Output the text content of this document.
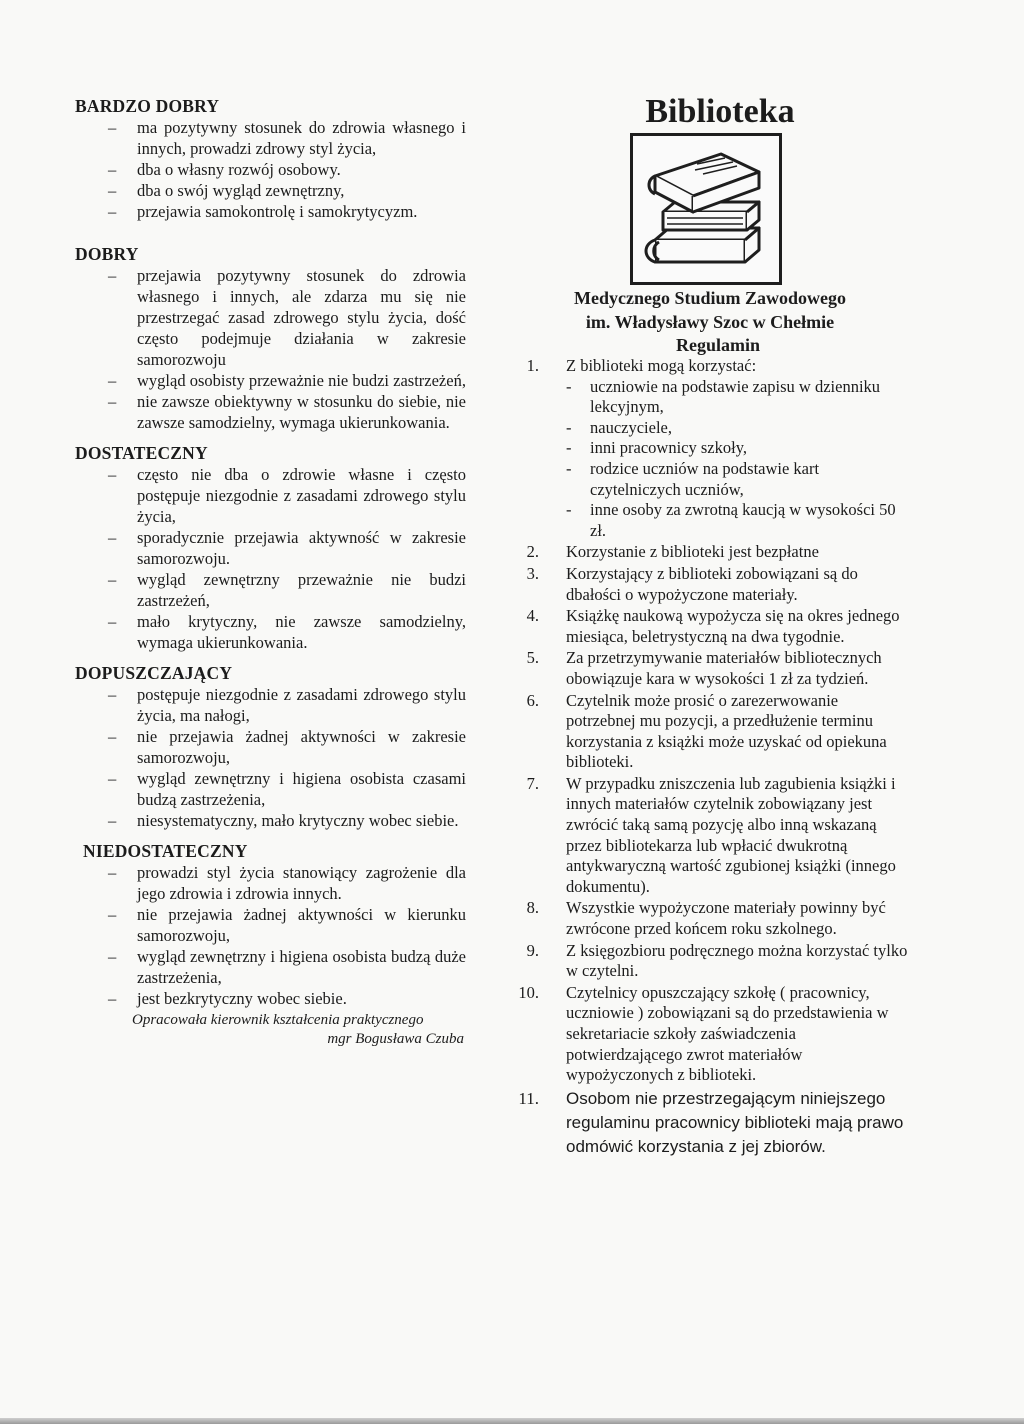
BARDZO DOBRY
– ma pozytywny stosunek do zdrowia własnego i innych, prowadzi zdrowy styl życia,
– dba o własny rozwój osobowy.
– dba o swój wygląd zewnętrzny,
– przejawia samokontrolę i samokrytycyzm.
DOBRY
– przejawia pozytywny stosunek do zdrowia własnego i innych, ale zdarza mu się nie przestrzegać zasad zdrowego stylu życia, dość często podejmuje działania w zakresie samorozwoju
– wygląd osobisty przeważnie nie budzi zastrzeżeń,
– nie zawsze obiektywny w stosunku do siebie, nie zawsze samodzielny, wymaga ukierunkowania.
DOSTATECZNY
– często nie dba o zdrowie własne i często postępuje niezgodnie z zasadami zdrowego stylu życia,
– sporadycznie przejawia aktywność w zakresie samorozwoju.
– wygląd zewnętrzny przeważnie nie budzi zastrzeżeń,
– mało krytyczny, nie zawsze samodzielny, wymaga ukierunkowania.
DOPUSZCZAJĄCY
– postępuje niezgodnie z zasadami zdrowego stylu życia, ma nałogi,
– nie przejawia żadnej aktywności w zakresie samorozwoju,
– wygląd zewnętrzny i higiena osobista czasami budzą zastrzeżenia,
– niesystematyczny, mało krytyczny wobec siebie.
NIEDOSTATECZNY
– prowadzi styl życia stanowiący zagrożenie dla jego zdrowia i zdrowia innych.
– nie przejawia żadnej aktywności w kierunku samorozwoju,
– wygląd zewnętrzny i higiena osobista budzą duże zastrzeżenia,
– jest bezkrytyczny wobec siebie.
Opracowała kierownik kształcenia praktycznego
mgr Bogusława Czuba
Biblioteka
Medycznego Studium Zawodowego
im. Władysławy Szoc w Chełmie
Regulamin
1. Z biblioteki mogą korzystać:
- uczniowie na podstawie zapisu w dzienniku lekcyjnym,
- nauczyciele,
- inni pracownicy szkoły,
- rodzice uczniów na podstawie kart czytelniczych uczniów,
- inne osoby za zwrotną kaucją w wysokości 50 zł.
2. Korzystanie z biblioteki jest bezpłatne
3. Korzystający z biblioteki zobowiązani są do dbałości o wypożyczone materiały.
4. Książkę naukową wypożycza się na okres jednego miesiąca, beletrystyczną na dwa tygodnie.
5. Za przetrzymywanie materiałów bibliotecznych obowiązuje kara w wysokości 1 zł za tydzień.
6. Czytelnik może prosić o zarezerwowanie potrzebnej mu pozycji, a przedłużenie terminu korzystania z książki może uzyskać od opiekuna biblioteki.
7. W przypadku zniszczenia lub zagubienia książki i innych materiałów czytelnik zobowiązany jest zwrócić taką samą pozycję albo inną wskazaną przez bibliotekarza lub wpłacić dwukrotną antykwaryczną wartość zgubionej książki (innego dokumentu).
8. Wszystkie wypożyczone materiały powinny być zwrócone przed końcem roku szkolnego.
9. Z księgozbioru podręcznego można korzystać tylko w czytelni.
10. Czytelnicy opuszczający szkołę ( pracownicy, uczniowie ) zobowiązani są do przedstawienia w sekretariacie szkoły zaświadczenia potwierdzającego zwrot materiałów wypożyczonych z biblioteki.
11. Osobom nie przestrzegającym niniejszego regulaminu pracownicy biblioteki mają prawo odmówić korzystania z jej zbiorów.
